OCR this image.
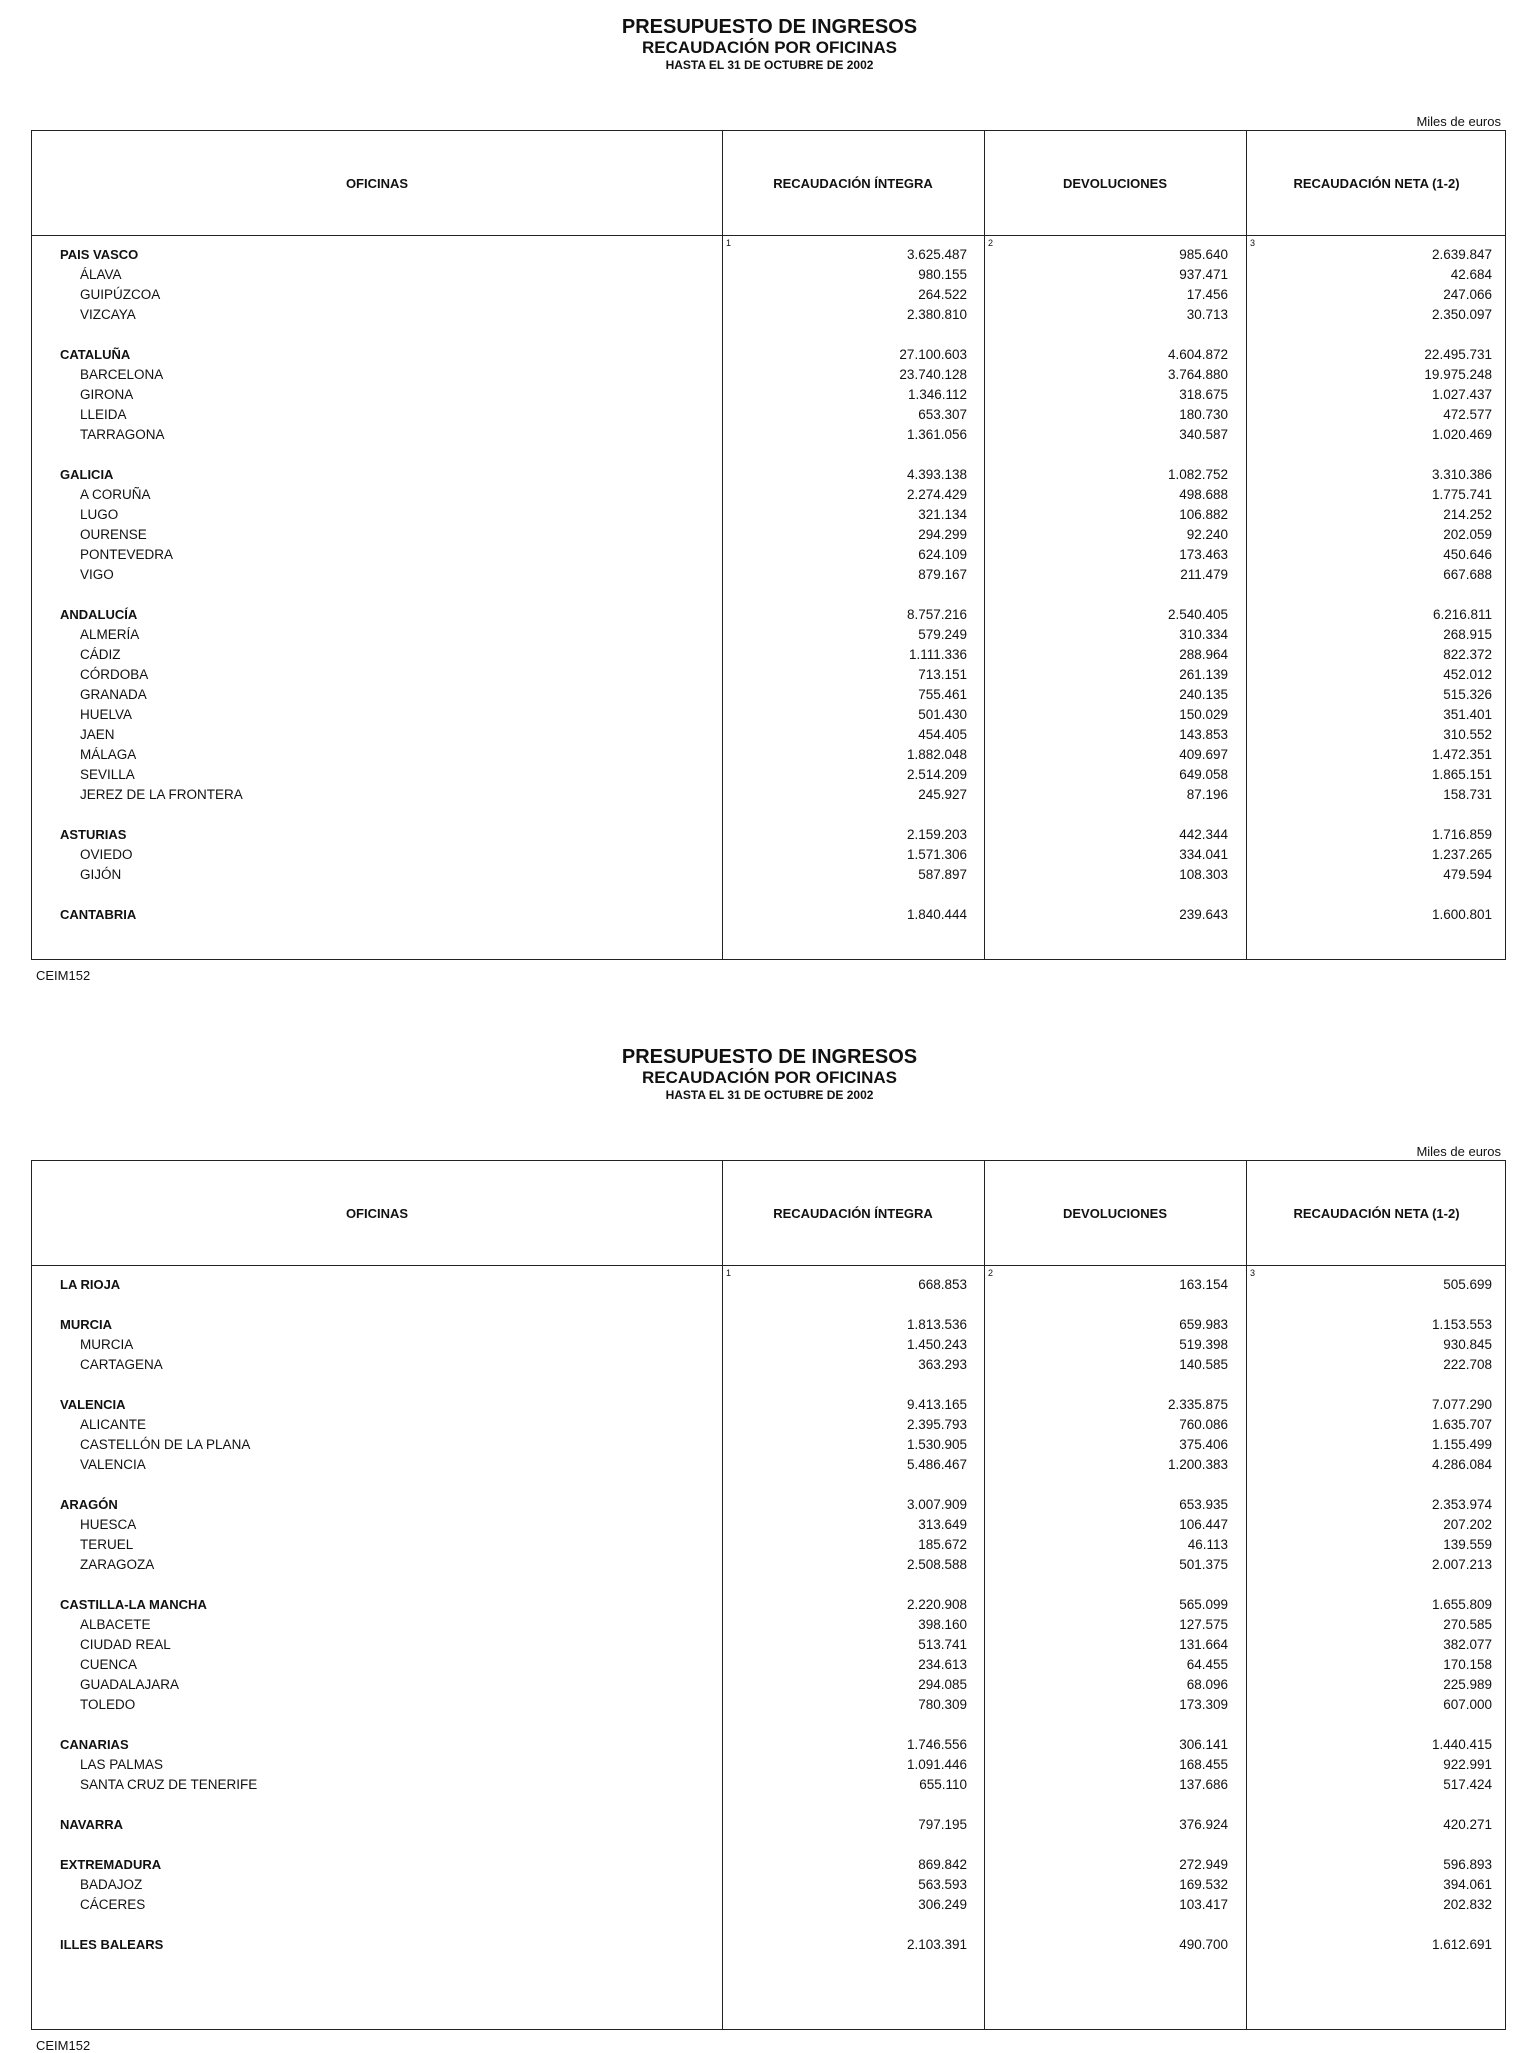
PRESUPUESTO DE INGRESOS
RECAUDACIÓN POR OFICINAS
HASTA EL 31 DE OCTUBRE DE 2002
Miles de euros
OFICINAS	RECAUDACIÓN ÍNTEGRA	DEVOLUCIONES	RECAUDACIÓN NETA (1-2)
1	2	3
PAIS VASCO	3.625.487	985.640	2.639.847
ÁLAVA	980.155	937.471	42.684
GUIPÚZCOA	264.522	17.456	247.066
VIZCAYA	2.380.810	30.713	2.350.097
CATALUÑA	27.100.603	4.604.872	22.495.731
BARCELONA	23.740.128	3.764.880	19.975.248
GIRONA	1.346.112	318.675	1.027.437
LLEIDA	653.307	180.730	472.577
TARRAGONA	1.361.056	340.587	1.020.469
GALICIA	4.393.138	1.082.752	3.310.386
A CORUÑA	2.274.429	498.688	1.775.741
LUGO	321.134	106.882	214.252
OURENSE	294.299	92.240	202.059
PONTEVEDRA	624.109	173.463	450.646
VIGO	879.167	211.479	667.688
ANDALUCÍA	8.757.216	2.540.405	6.216.811
ALMERÍA	579.249	310.334	268.915
CÁDIZ	1.111.336	288.964	822.372
CÓRDOBA	713.151	261.139	452.012
GRANADA	755.461	240.135	515.326
HUELVA	501.430	150.029	351.401
JAEN	454.405	143.853	310.552
MÁLAGA	1.882.048	409.697	1.472.351
SEVILLA	2.514.209	649.058	1.865.151
JEREZ DE LA FRONTERA	245.927	87.196	158.731
ASTURIAS	2.159.203	442.344	1.716.859
OVIEDO	1.571.306	334.041	1.237.265
GIJÓN	587.897	108.303	479.594
CANTABRIA	1.840.444	239.643	1.600.801
CEIM152
PRESUPUESTO DE INGRESOS
RECAUDACIÓN POR OFICINAS
HASTA EL 31 DE OCTUBRE DE 2002
Miles de euros
OFICINAS	RECAUDACIÓN ÍNTEGRA	DEVOLUCIONES	RECAUDACIÓN NETA (1-2)
1	2	3
LA RIOJA	668.853	163.154	505.699
MURCIA	1.813.536	659.983	1.153.553
MURCIA	1.450.243	519.398	930.845
CARTAGENA	363.293	140.585	222.708
VALENCIA	9.413.165	2.335.875	7.077.290
ALICANTE	2.395.793	760.086	1.635.707
CASTELLÓN DE LA PLANA	1.530.905	375.406	1.155.499
VALENCIA	5.486.467	1.200.383	4.286.084
ARAGÓN	3.007.909	653.935	2.353.974
HUESCA	313.649	106.447	207.202
TERUEL	185.672	46.113	139.559
ZARAGOZA	2.508.588	501.375	2.007.213
CASTILLA-LA MANCHA	2.220.908	565.099	1.655.809
ALBACETE	398.160	127.575	270.585
CIUDAD REAL	513.741	131.664	382.077
CUENCA	234.613	64.455	170.158
GUADALAJARA	294.085	68.096	225.989
TOLEDO	780.309	173.309	607.000
CANARIAS	1.746.556	306.141	1.440.415
LAS PALMAS	1.091.446	168.455	922.991
SANTA CRUZ DE TENERIFE	655.110	137.686	517.424
NAVARRA	797.195	376.924	420.271
EXTREMADURA	869.842	272.949	596.893
BADAJOZ	563.593	169.532	394.061
CÁCERES	306.249	103.417	202.832
ILLES BALEARS	2.103.391	490.700	1.612.691
CEIM152
